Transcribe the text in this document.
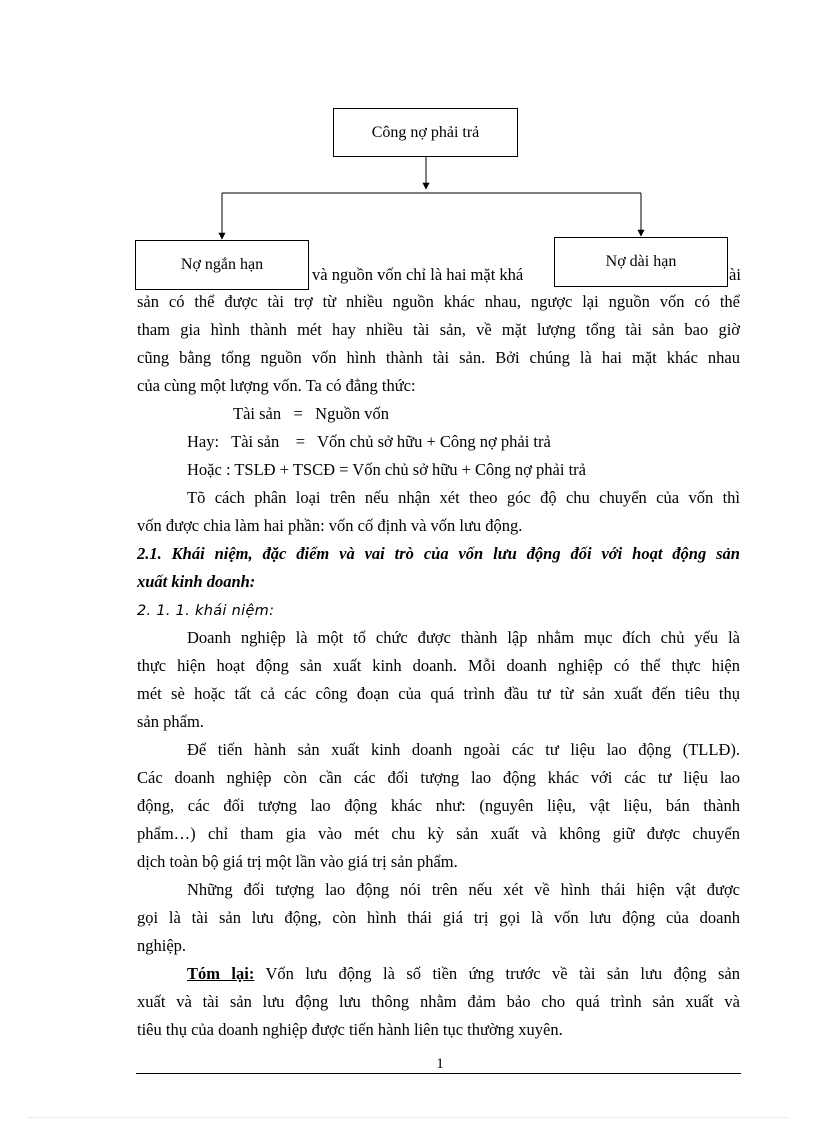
Công nợ phải trả
Nợ ngắn hạn	Nợ dài hạn
và nguồn vốn chỉ là hai mặt khá	ài
sản có thể được tài trợ từ nhiều nguồn khác nhau, ngược lại nguồn vốn có thể
tham gia hình thành mét hay nhiều tài sản, về mặt lượng tổng tài sản bao giờ
cũng bằng tổng nguồn vốn hình thành tài sản. Bởi chúng là hai mặt khác nhau
của cùng một lượng vốn. Ta có đẳng thức:
Tài sản   =   Nguồn vốn
Hay:   Tài sản    =   Vốn chủ sở hữu + Công nợ phải trả
Hoặc : TSLĐ + TSCĐ = Vốn chủ sở hữu + Công nợ phải trả
Tõ cách phân loại trên nếu nhận xét theo góc độ chu chuyển của vốn thì
vốn được chia làm hai phần: vốn cố định và vốn lưu động.
2.1. Khái niệm, đặc điểm và vai trò của vốn lưu động đối với hoạt động sản
xuất kinh doanh:
2. 1. 1. khái niệm:
Doanh nghiệp là một tổ chức được thành lập nhằm mục đích chủ yếu là
thực hiện hoạt động sản xuất kinh doanh. Mỗi doanh nghiệp có thể thực hiện
mét sè hoặc tất cả các công đoạn của quá trình đầu tư từ sản xuất đến tiêu thụ
sản phẩm.
Để tiến hành sản xuất kinh doanh ngoài các tư liệu lao động (TLLĐ).
Các doanh nghiệp còn cần các đối tượng lao động khác với các tư liệu lao
động, các đối tượng lao động khác như: (nguyên liệu, vật liệu, bán thành
phẩm…) chỉ tham gia vào mét chu kỳ sản xuất và không giữ được chuyển
dịch toàn bộ giá trị một lần vào giá trị sản phẩm.
Những đối tượng lao động nói trên nếu xét về hình thái hiện vật được
gọi là tài sản lưu động, còn hình thái giá trị gọi là vốn lưu động của doanh
nghiệp.
Tóm lại: Vốn lưu động là số tiền ứng trước về tài sản lưu động sản
xuất và tài sản lưu động lưu thông nhằm đảm bảo cho quá trình sản xuất và
tiêu thụ của doanh nghiệp được tiến hành liên tục thường xuyên.
1
